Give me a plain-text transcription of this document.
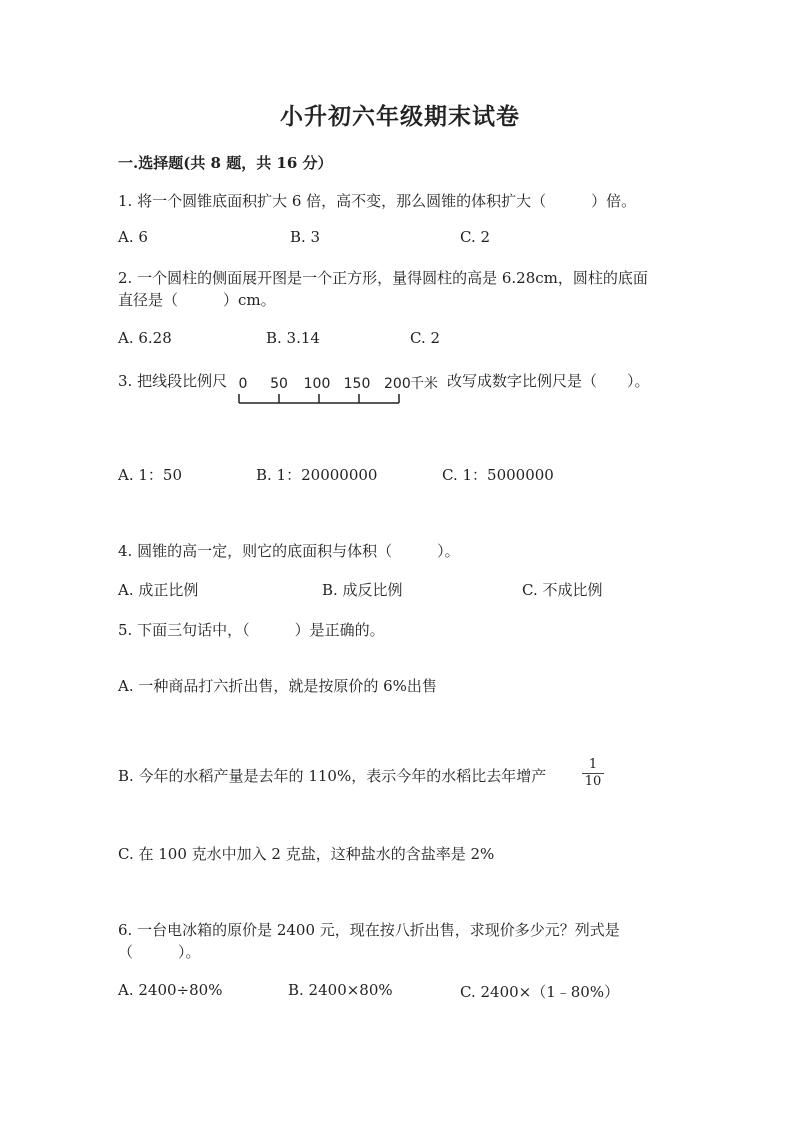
小升初六年级期末试卷
一.选择题(共 8 题，共 16 分）
1. 将一个圆锥底面积扩大 6 倍，高不变，那么圆锥的体积扩大（　　　）倍。
A. 6	B. 3	C. 2
2. 一个圆柱的侧面展开图是一个正方形，量得圆柱的高是 6.28cm，圆柱的底面
直径是（　　　）cm。
A. 6.28	B. 3.14	C. 2
3. 把线段比例尺 0 50 100 150 200 千米 改写成数字比例尺是（　　）。
A. 1：50	B. 1：20000000	C. 1：5000000
4. 圆锥的高一定，则它的底面积与体积（　　　）。
A. 成正比例	B. 成反比例	C. 不成比例
5. 下面三句话中，（　　　）是正确的。
A. 一种商品打六折出售，就是按原价的 6%出售
B. 今年的水稻产量是去年的 110%，表示今年的水稻比去年增产
1
10
C. 在 100 克水中加入 2 克盐，这种盐水的含盐率是 2%
6. 一台电冰箱的原价是 2400 元，现在按八折出售，求现价多少元？列式是
（　　　）。
A. 2400÷80%	B. 2400×80%	C. 2400×（1﹣80%）
